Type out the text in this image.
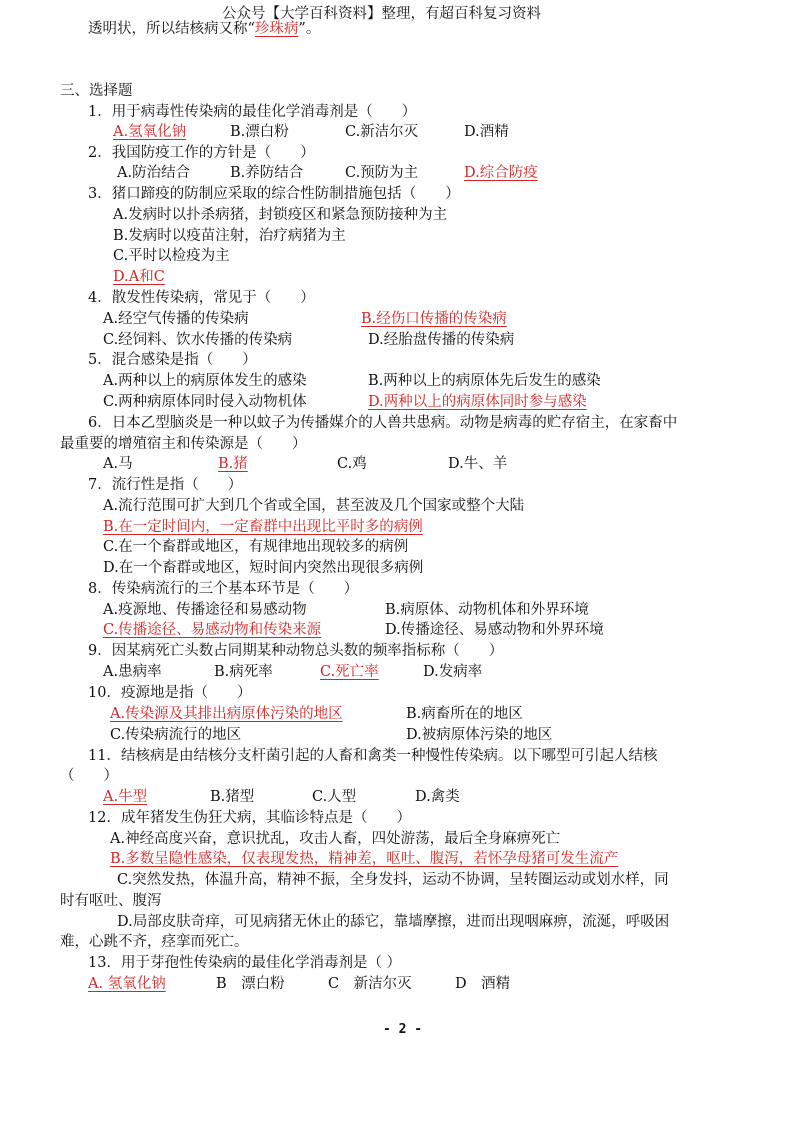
公众号【大学百科资料】整理，有超百科复习资料
透明状，所以结核病又称“珍珠病”。
三、选择题
1．用于病毒性传染病的最佳化学消毒剂是（　　）
A.氢氧化钠	B.漂白粉	C.新洁尔灭	D.酒精
2．我国防疫工作的方针是（　　）
A.防治结合	B.养防结合	C.预防为主	D.综合防疫
3．猪口蹄疫的防制应采取的综合性防制措施包括（　　）
A.发病时以扑杀病猪，封锁疫区和紧急预防接种为主
B.发病时以疫苗注射，治疗病猪为主
C.平时以检疫为主
D.A和C
4．散发性传染病，常见于（　　）
A.经空气传播的传染病	B.经伤口传播的传染病
C.经饲料、饮水传播的传染病	D.经胎盘传播的传染病
5．混合感染是指（　　）
A.两种以上的病原体发生的感染	B.两种以上的病原体先后发生的感染
C.两种病原体同时侵入动物机体	D.两种以上的病原体同时参与感染
6．日本乙型脑炎是一种以蚊子为传播媒介的人兽共患病。动物是病毒的贮存宿主，在家畜中
最重要的增殖宿主和传染源是（　　）
A.马	B.猪	C.鸡	D.牛、羊
7．流行性是指（　　）
A.流行范围可扩大到几个省或全国，甚至波及几个国家或整个大陆
B.在一定时间内，一定畜群中出现比平时多的病例
C.在一个畜群或地区，有规律地出现较多的病例
D.在一个畜群或地区，短时间内突然出现很多病例
8．传染病流行的三个基本环节是（　　）
A.疫源地、传播途径和易感动物	B.病原体、动物机体和外界环境
C.传播途径、易感动物和传染来源	D.传播途径、易感动物和外界环境
9．因某病死亡头数占同期某种动物总头数的频率指标称（　　）
A.患病率	B.病死率	C.死亡率	D.发病率
10．疫源地是指（　　）
A.传染源及其排出病原体污染的地区	B.病畜所在的地区
C.传染病流行的地区	D.被病原体污染的地区
11．结核病是由结核分支杆菌引起的人畜和禽类一种慢性传染病。以下哪型可引起人结核
（　　）
A.牛型	B.猪型	C.人型	D.禽类
12．成年猪发生伪狂犬病，其临诊特点是（　　）
A.神经高度兴奋，意识扰乱，攻击人畜，四处游荡，最后全身麻痹死亡
B.多数呈隐性感染，仅表现发热，精神差，呕吐、腹泻，若怀孕母猪可发生流产
C.突然发热，体温升高，精神不振，全身发抖，运动不协调，呈转圈运动或划水样，同
时有呕吐、腹泻
D.局部皮肤奇痒，可见病猪无休止的舔它，靠墙摩擦，进而出现咽麻痹，流涎，呼吸困
难，心跳不齐，痉挛而死亡。
13．用于芽孢性传染病的最佳化学消毒剂是（ ）
A. 氢氧化钠	B　漂白粉	C　新洁尔灭	D　酒精
- 2 -
